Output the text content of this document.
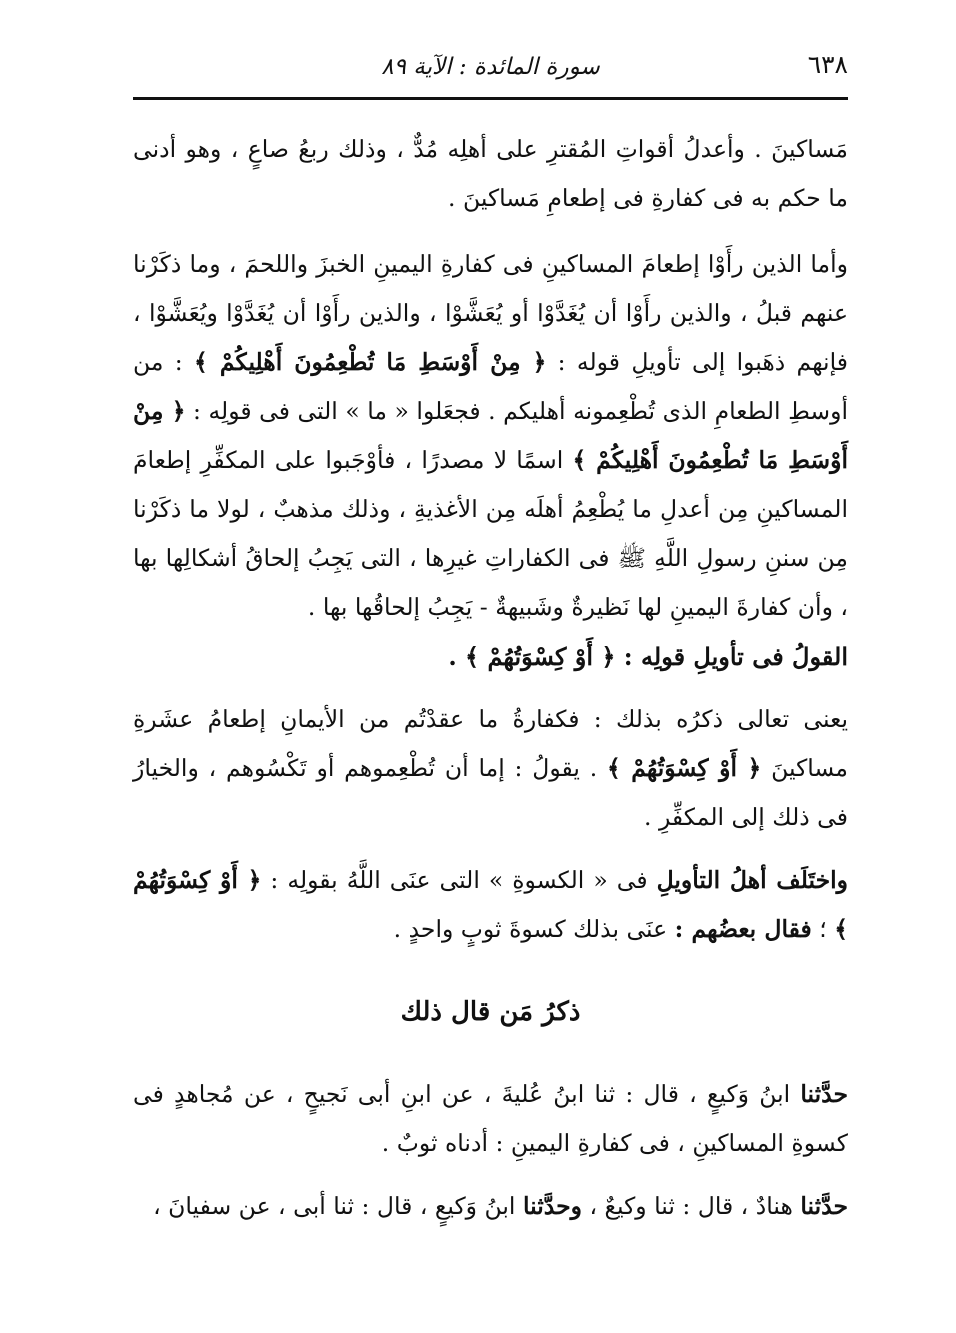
٦٣٨
سورة المائدة : الآية ٨٩

مَساكينَ . وأعدلُ أقواتِ المُقترِ على أهلِه مُدٌّ ، وذلك ربعُ صاعٍ ، وهو أدنى ما حكم به فى كفارةِ فى إطعامِ مَساكينَ .

وأما الذين رأَوْا إطعامَ المساكينِ فى كفارةِ اليمينِ الخبزَ واللحمَ ، وما ذكَرْنا عنهم قبلُ ، والذين رأَوْا أن يُغَدَّوْا أو يُعَشَّوْا ، والذين رأَوْا أن يُغَدَّوْا ويُعَشَّوْا ، فإنهم ذهَبوا إلى تأويلِ قوله : ﴿ مِنْ أَوْسَطِ مَا تُطْعِمُونَ أَهْلِيكُمْ ﴾ : من أوسطِ الطعامِ الذى تُطْعِمونه أهليكم . فجعَلوا « ما » التى فى قولِه : ﴿ مِنْ أَوْسَطِ مَا تُطْعِمُونَ أَهْلِيكُمْ ﴾ اسمًا لا مصدرًا ، فأوْجَبوا على المكفِّرِ إطعامَ المساكينِ مِن أعدلِ ما يُطْعِمُ أهلَه مِن الأغذيةِ ، وذلك مذهبٌ ، لولا ما ذكَرْنا مِن سننِ رسولِ اللَّهِ ﷺ فى الكفاراتِ غيرِها ، التى يَجِبُ إلحاقُ أشكالِها بها ، وأن كفارةَ اليمينِ لها نَظيرةٌ وشَبيهةٌ - يَجِبُ إلحاقُها بها .

القولُ فى تأويلِ قولِه : ﴿ أَوْ كِسْوَتُهُمْ ﴾ .

يعنى تعالى ذكرُه بذلك : فكفارةُ ما عقدْتُم من الأيمانِ إطعامُ عشَرةِ مساكينَ ﴿ أَوْ كِسْوَتُهُمْ ﴾ . يقولُ : إما أن تُطْعِموهم أو تَكْسُوهم ، والخيارُ فى ذلك إلى المكفِّرِ .

واختَلَف أهلُ التأويلِ فى « الكسوةِ » التى عنَى اللَّهُ بقولِه : ﴿ أَوْ كِسْوَتُهُمْ ﴾ ؛ فقال بعضُهم : عنَى بذلك كسوةَ ثوبٍ واحدٍ .

ذكرُ مَن قال ذلك

حدَّثنا ابنُ وَكيعٍ ، قال : ثنا ابنُ عُليةَ ، عن ابنِ أبى نَجيحٍ ، عن مُجاهدٍ فى كسوةِ المساكينِ ، فى كفارةِ اليمينِ : أدناه ثوبٌ .

حدَّثنا هنادٌ ، قال : ثنا وكيعٌ ، وحدَّثنا ابنُ وَكيعٍ ، قال : ثنا أبى ، عن سفيانَ ،
